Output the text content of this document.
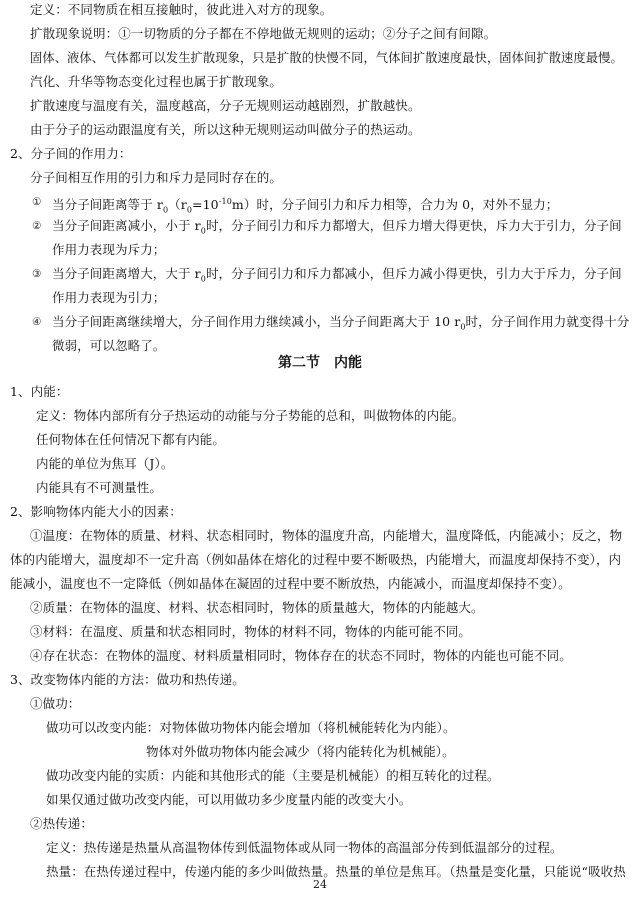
定义：不同物质在相互接触时，彼此进入对方的现象。
扩散现象说明：①一切物质的分子都在不停地做无规则的运动；②分子之间有间隙。
固体、液体、气体都可以发生扩散现象，只是扩散的快慢不同，气体间扩散速度最快，固体间扩散速度最慢。
汽化、升华等物态变化过程也属于扩散现象。
扩散速度与温度有关，温度越高，分子无规则运动越剧烈，扩散越快。
由于分子的运动跟温度有关，所以这种无规则运动叫做分子的热运动。
2、分子间的作用力：
分子间相互作用的引力和斥力是同时存在的。
① 当分子间距离等于 $r_0(r_0=10^{-10}m)$时，分子间引力和斥力相等，合力为 0，对外不显力；
② 当分子间距离减小，小于 $r_0$时，分子间引力和斥力都增大，但斥力增大得更快，斥力大于引力，分子间
作用力表现为斥力；
③ 当分子间距离增大，大于 $r_0$时，分子间引力和斥力都减小，但斥力减小得更快，引力大于斥力，分子间
作用力表现为引力；
④ 当分子间距离继续增大，分子间作用力继续减小，当分子间距离大于 10 $r_0$时，分子间作用力就变得十分
微弱，可以忽略了。
第二节　内能
1、内能：
定义：物体内部所有分子热运动的动能与分子势能的总和，叫做物体的内能。
任何物体在任何情况下都有内能。
内能的单位为焦耳（J）。
内能具有不可测量性。
2、影响物体内能大小的因素：
①温度：在物体的质量、材料、状态相同时，物体的温度升高，内能增大，温度降低，内能减小；反之，物
体的内能增大，温度却不一定升高（例如晶体在熔化的过程中要不断吸热，内能增大，而温度却保持不变），内
能减小，温度也不一定降低（例如晶体在凝固的过程中要不断放热，内能减小，而温度却保持不变）。
②质量：在物体的温度、材料、状态相同时，物体的质量越大，物体的内能越大。
③材料：在温度、质量和状态相同时，物体的材料不同，物体的内能可能不同。
④存在状态：在物体的温度、材料质量相同时，物体存在的状态不同时，物体的内能也可能不同。
3、改变物体内能的方法：做功和热传递。
①做功：
做功可以改变内能：对物体做功物体内能会增加（将机械能转化为内能）。
物体对外做功物体内能会减少（将内能转化为机械能）。
做功改变内能的实质：内能和其他形式的能（主要是机械能）的相互转化的过程。
如果仅通过做功改变内能，可以用做功多少度量内能的改变大小。
②热传递：
定义：热传递是热量从高温物体传到低温物体或从同一物体的高温部分传到低温部分的过程。
热量：在热传递过程中，传递内能的多少叫做热量。热量的单位是焦耳。（热量是变化量，只能说“吸收热
24
